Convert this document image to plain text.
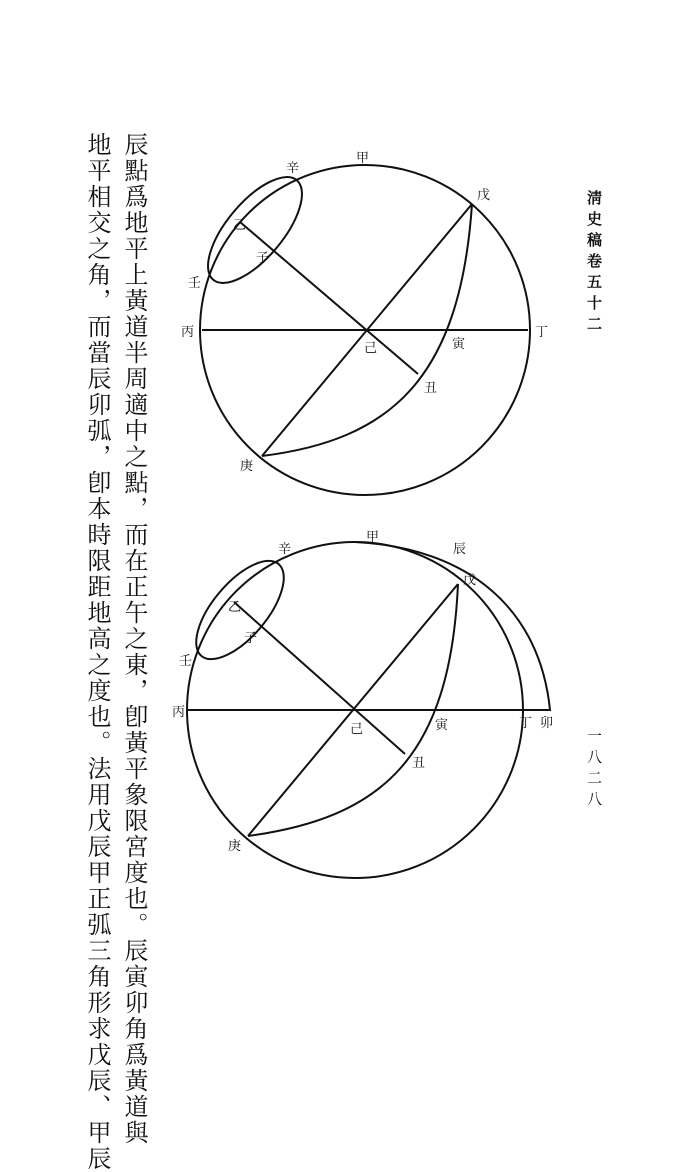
辰點爲地平上黃道半周適中之點，而在正午之東，卽黃平象限宮度也。辰寅卯角爲黃道與
地平相交之角，而當辰卯弧，卽本時限距地高之度也。法用戊辰甲正弧三角形求戊辰、甲辰	淸史稿卷五十二
一八二八
甲
辛
乙
子
壬
丙
己	寅
丁
丑
戊
庚
甲
辛
乙
子
壬
丙
己	寅	丁 卯
丑
戊
辰
庚
